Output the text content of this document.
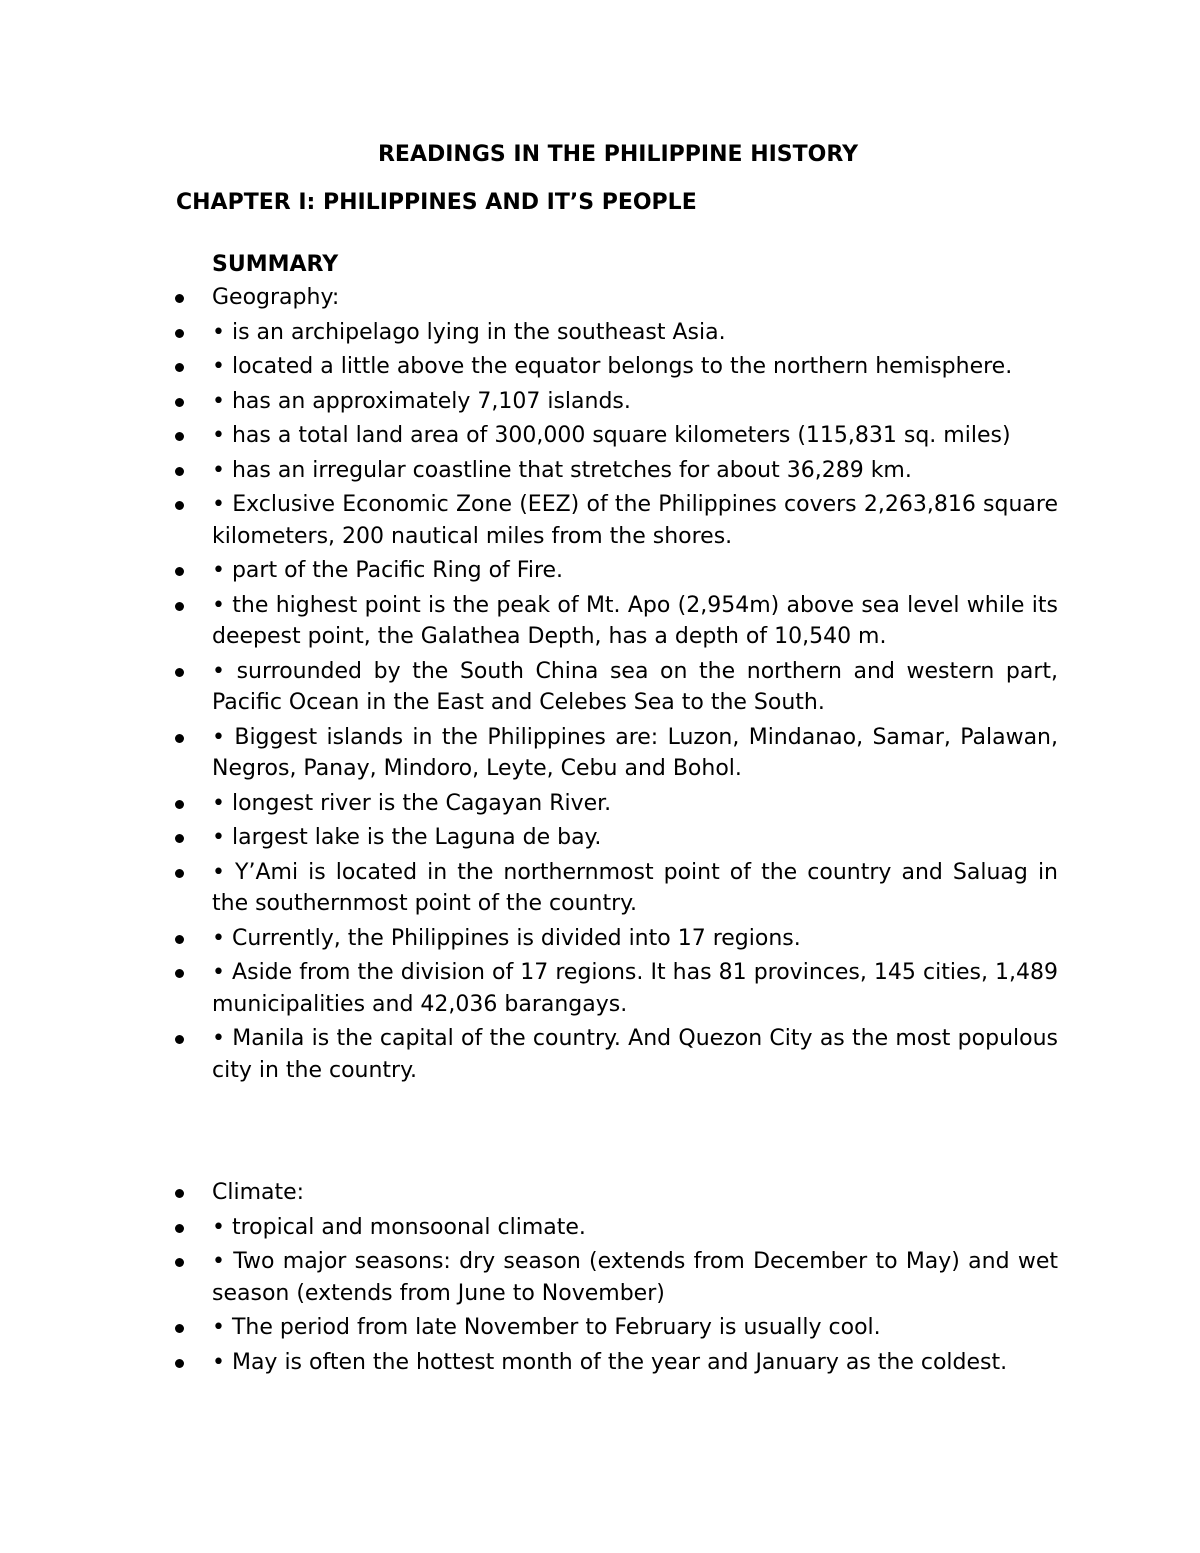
READINGS IN THE PHILIPPINE HISTORY
CHAPTER I: PHILIPPINES AND IT’S PEOPLE
SUMMARY
Geography:
• is an archipelago lying in the southeast Asia.
• located a little above the equator belongs to the northern hemisphere.
• has an approximately 7,107 islands.
• has a total land area of 300,000 square kilometers (115,831 sq. miles)
• has an irregular coastline that stretches for about 36,289 km.
• Exclusive Economic Zone (EEZ) of the Philippines covers 2,263,816 square kilometers, 200 nautical miles from the shores.
• part of the Pacific Ring of Fire.
• the highest point is the peak of Mt. Apo (2,954m) above sea level while its deepest point, the Galathea Depth, has a depth of 10,540 m.
• surrounded by the South China sea on the northern and western part, Pacific Ocean in the East and Celebes Sea to the South.
• Biggest islands in the Philippines are: Luzon, Mindanao, Samar, Palawan, Negros, Panay, Mindoro, Leyte, Cebu and Bohol.
• longest river is the Cagayan River.
• largest lake is the Laguna de bay.
• Y’Ami is located in the northernmost point of the country and Saluag in the southernmost point of the country.
• Currently, the Philippines is divided into 17 regions.
• Aside from the division of 17 regions. It has 81 provinces, 145 cities, 1,489 municipalities and 42,036 barangays.
• Manila is the capital of the country. And Quezon City as the most populous city in the country.
Climate:
• tropical and monsoonal climate.
• Two major seasons: dry season (extends from December to May) and wet season (extends from June to November)
• The period from late November to February is usually cool.
• May is often the hottest month of the year and January as the coldest.
